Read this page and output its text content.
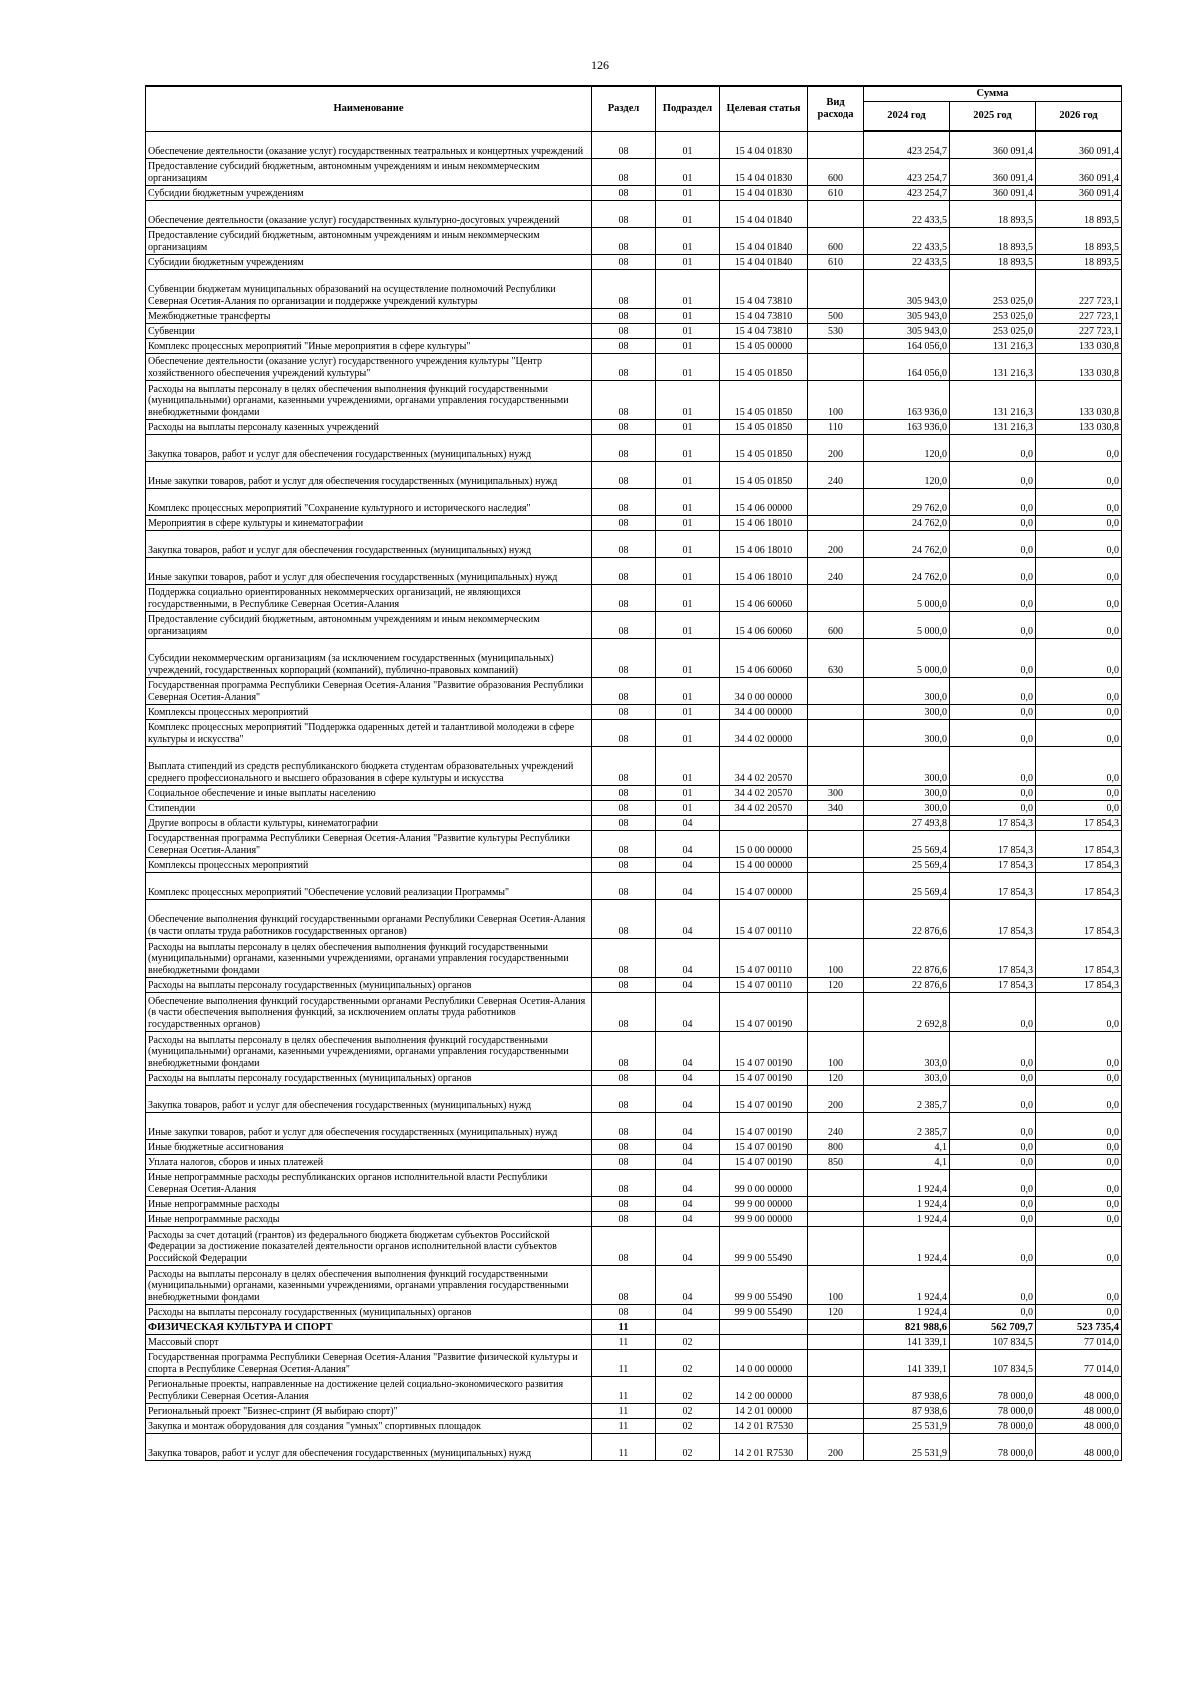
126
Наименование	Раздел	Подраздел	Целевая статья	Вид расхода	Сумма		
					2024 год	2025 год	2026 год
Обеспечение деятельности (оказание услуг) государственных театральных и концертных учреждений	08	01	15 4 04 01830		423 254,7	360 091,4	360 091,4
Предоставление субсидий бюджетным, автономным учреждениям и иным некоммерческим организациям	08	01	15 4 04 01830	600	423 254,7	360 091,4	360 091,4
Субсидии бюджетным учреждениям	08	01	15 4 04 01830	610	423 254,7	360 091,4	360 091,4
Обеспечение деятельности (оказание услуг) государственных культурно-досуговых учреждений	08	01	15 4 04 01840		22 433,5	18 893,5	18 893,5
Предоставление субсидий бюджетным, автономным учреждениям и иным некоммерческим организациям	08	01	15 4 04 01840	600	22 433,5	18 893,5	18 893,5
Субсидии бюджетным учреждениям	08	01	15 4 04 01840	610	22 433,5	18 893,5	18 893,5
Субвенции бюджетам муниципальных образований на осуществление полномочий Республики Северная Осетия-Алания по организации и поддержке учреждений культуры	08	01	15 4 04 73810		305 943,0	253 025,0	227 723,1
Межбюджетные трансферты	08	01	15 4 04 73810	500	305 943,0	253 025,0	227 723,1
Субвенции	08	01	15 4 04 73810	530	305 943,0	253 025,0	227 723,1
Комплекс процессных мероприятий "Иные мероприятия в сфере культуры"	08	01	15 4 05 00000		164 056,0	131 216,3	133 030,8
Обеспечение деятельности (оказание услуг) государственного учреждения культуры "Центр хозяйственного обеспечения учреждений культуры"	08	01	15 4 05 01850		164 056,0	131 216,3	133 030,8
Расходы на выплаты персоналу в целях обеспечения выполнения функций государственными (муниципальными) органами, казенными учреждениями, органами управления государственными внебюджетными фондами	08	01	15 4 05 01850	100	163 936,0	131 216,3	133 030,8
Расходы на выплаты персоналу казенных учреждений	08	01	15 4 05 01850	110	163 936,0	131 216,3	133 030,8
Закупка товаров, работ и услуг для обеспечения государственных (муниципальных) нужд	08	01	15 4 05 01850	200	120,0	0,0	0,0
Иные закупки товаров, работ и услуг для обеспечения государственных (муниципальных) нужд	08	01	15 4 05 01850	240	120,0	0,0	0,0
Комплекс процессных мероприятий "Сохранение культурного и исторического наследия"	08	01	15 4 06 00000		29 762,0	0,0	0,0
Мероприятия в сфере культуры и кинематографии	08	01	15 4 06 18010		24 762,0	0,0	0,0
Закупка товаров, работ и услуг для обеспечения государственных (муниципальных) нужд	08	01	15 4 06 18010	200	24 762,0	0,0	0,0
Иные закупки товаров, работ и услуг для обеспечения государственных (муниципальных) нужд	08	01	15 4 06 18010	240	24 762,0	0,0	0,0
Поддержка социально ориентированных некоммерческих организаций, не являющихся государственными, в Республике Северная Осетия-Алания	08	01	15 4 06 60060		5 000,0	0,0	0,0
Предоставление субсидий бюджетным, автономным учреждениям и иным некоммерческим организациям	08	01	15 4 06 60060	600	5 000,0	0,0	0,0
Субсидии некоммерческим организациям (за исключением государственных (муниципальных) учреждений, государственных корпораций (компаний), публично-правовых компаний)	08	01	15 4 06 60060	630	5 000,0	0,0	0,0
Государственная программа Республики Северная Осетия-Алания "Развитие образования Республики Северная Осетия-Алания"	08	01	34 0 00 00000		300,0	0,0	0,0
Комплексы процессных мероприятий	08	01	34 4 00 00000		300,0	0,0	0,0
Комплекс процессных мероприятий "Поддержка одаренных детей и талантливой молодежи в сфере культуры и искусства"	08	01	34 4 02 00000		300,0	0,0	0,0
Выплата стипендий из средств республиканского бюджета студентам образовательных учреждений среднего профессионального и высшего образования в сфере культуры и искусства	08	01	34 4 02 20570		300,0	0,0	0,0
Социальное обеспечение и иные выплаты населению	08	01	34 4 02 20570	300	300,0	0,0	0,0
Стипендии	08	01	34 4 02 20570	340	300,0	0,0	0,0
Другие вопросы в области культуры, кинематографии	08	04			27 493,8	17 854,3	17 854,3
Государственная программа Республики Северная Осетия-Алания "Развитие культуры Республики Северная Осетия-Алания"	08	04	15 0 00 00000		25 569,4	17 854,3	17 854,3
Комплексы процессных мероприятий	08	04	15 4 00 00000		25 569,4	17 854,3	17 854,3
Комплекс процессных мероприятий "Обеспечение условий реализации Программы"	08	04	15 4 07 00000		25 569,4	17 854,3	17 854,3
Обеспечение выполнения функций государственными органами Республики Северная Осетия-Алания (в части оплаты труда работников государственных органов)	08	04	15 4 07 00110		22 876,6	17 854,3	17 854,3
Расходы на выплаты персоналу в целях обеспечения выполнения функций государственными (муниципальными) органами, казенными учреждениями, органами управления государственными внебюджетными фондами	08	04	15 4 07 00110	100	22 876,6	17 854,3	17 854,3
Расходы на выплаты персоналу государственных (муниципальных) органов	08	04	15 4 07 00110	120	22 876,6	17 854,3	17 854,3
Обеспечение выполнения функций государственными органами Республики Северная Осетия-Алания (в части обеспечения выполнения функций, за исключением оплаты труда работников государственных органов)	08	04	15 4 07 00190		2 692,8	0,0	0,0
Расходы на выплаты персоналу в целях обеспечения выполнения функций государственными (муниципальными) органами, казенными учреждениями, органами управления государственными внебюджетными фондами	08	04	15 4 07 00190	100	303,0	0,0	0,0
Расходы на выплаты персоналу государственных (муниципальных) органов	08	04	15 4 07 00190	120	303,0	0,0	0,0
Закупка товаров, работ и услуг для обеспечения государственных (муниципальных) нужд	08	04	15 4 07 00190	200	2 385,7	0,0	0,0
Иные закупки товаров, работ и услуг для обеспечения государственных (муниципальных) нужд	08	04	15 4 07 00190	240	2 385,7	0,0	0,0
Иные бюджетные ассигнования	08	04	15 4 07 00190	800	4,1	0,0	0,0
Уплата налогов, сборов и иных платежей	08	04	15 4 07 00190	850	4,1	0,0	0,0
Иные непрограммные расходы республиканских органов исполнительной власти Республики Северная Осетия-Алания	08	04	99 0 00 00000		1 924,4	0,0	0,0
Иные непрограммные расходы	08	04	99 9 00 00000		1 924,4	0,0	0,0
Иные непрограммные расходы	08	04	99 9 00 00000		1 924,4	0,0	0,0
Расходы за счет дотаций (грантов) из федерального бюджета бюджетам субъектов Российской Федерации за достижение показателей деятельности органов исполнительной власти субъектов Российской Федерации	08	04	99 9 00 55490		1 924,4	0,0	0,0
Расходы на выплаты персоналу в целях обеспечения выполнения функций государственными (муниципальными) органами, казенными учреждениями, органами управления государственными внебюджетными фондами	08	04	99 9 00 55490	100	1 924,4	0,0	0,0
Расходы на выплаты персоналу государственных (муниципальных) органов	08	04	99 9 00 55490	120	1 924,4	0,0	0,0
ФИЗИЧЕСКАЯ КУЛЬТУРА И СПОРТ	11				821 988,6	562 709,7	523 735,4
Массовый спорт	11	02			141 339,1	107 834,5	77 014,0
Государственная программа Республики Северная Осетия-Алания "Развитие физической культуры и спорта в Республике Северная Осетия-Алания"	11	02	14 0 00 00000		141 339,1	107 834,5	77 014,0
Региональные проекты, направленные на достижение целей социально-экономического развития Республики Северная Осетия-Алания	11	02	14 2 00 00000		87 938,6	78 000,0	48 000,0
Региональный проект "Бизнес-спринт (Я выбираю спорт)"	11	02	14 2 01 00000		87 938,6	78 000,0	48 000,0
Закупка и монтаж оборудования для создания "умных" спортивных площадок	11	02	14 2 01 R7530		25 531,9	78 000,0	48 000,0
Закупка товаров, работ и услуг для обеспечения государственных (муниципальных) нужд	11	02	14 2 01 R7530	200	25 531,9	78 000,0	48 000,0
